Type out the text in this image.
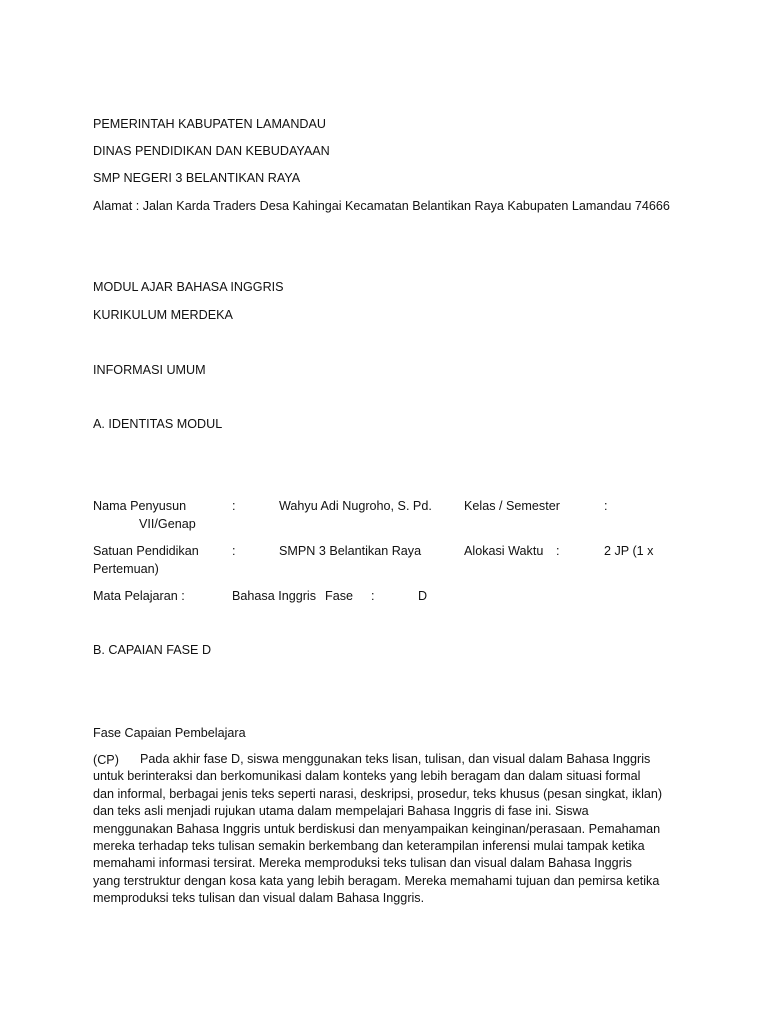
PEMERINTAH KABUPATEN LAMANDAU
DINAS PENDIDIKAN DAN KEBUDAYAAN
SMP NEGERI 3 BELANTIKAN RAYA
Alamat : Jalan Karda Traders Desa Kahingai Kecamatan Belantikan Raya Kabupaten Lamandau 74666
MODUL AJAR BAHASA INGGRIS
KURIKULUM MERDEKA
INFORMASI UMUM
A. IDENTITAS MODUL
Nama Penyusun	:	Wahyu Adi Nugroho, S. Pd.	Kelas / Semester	:
VII/Genap
Satuan Pendidikan	:	SMPN 3 Belantikan Raya	Alokasi Waktu :	2 JP (1 x
Pertemuan)
Mata Pelajaran :	Bahasa Inggris Fase :	D
B. CAPAIAN FASE D
Fase Capaian Pembelajara
(CP)	Pada akhir fase D, siswa menggunakan teks lisan, tulisan, dan visual dalam Bahasa Inggris
untuk berinteraksi dan berkomunikasi dalam konteks yang lebih beragam dan dalam situasi formal
dan informal, berbagai jenis teks seperti narasi, deskripsi, prosedur, teks khusus (pesan singkat, iklan)
dan teks asli menjadi rujukan utama dalam mempelajari Bahasa Inggris di fase ini. Siswa
menggunakan Bahasa Inggris untuk berdiskusi dan menyampaikan keinginan/perasaan. Pemahaman
mereka terhadap teks tulisan semakin berkembang dan keterampilan inferensi mulai tampak ketika
memahami informasi tersirat. Mereka memproduksi teks tulisan dan visual dalam Bahasa Inggris
yang terstruktur dengan kosa kata yang lebih beragam. Mereka memahami tujuan dan pemirsa ketika
memproduksi teks tulisan dan visual dalam Bahasa Inggris.
